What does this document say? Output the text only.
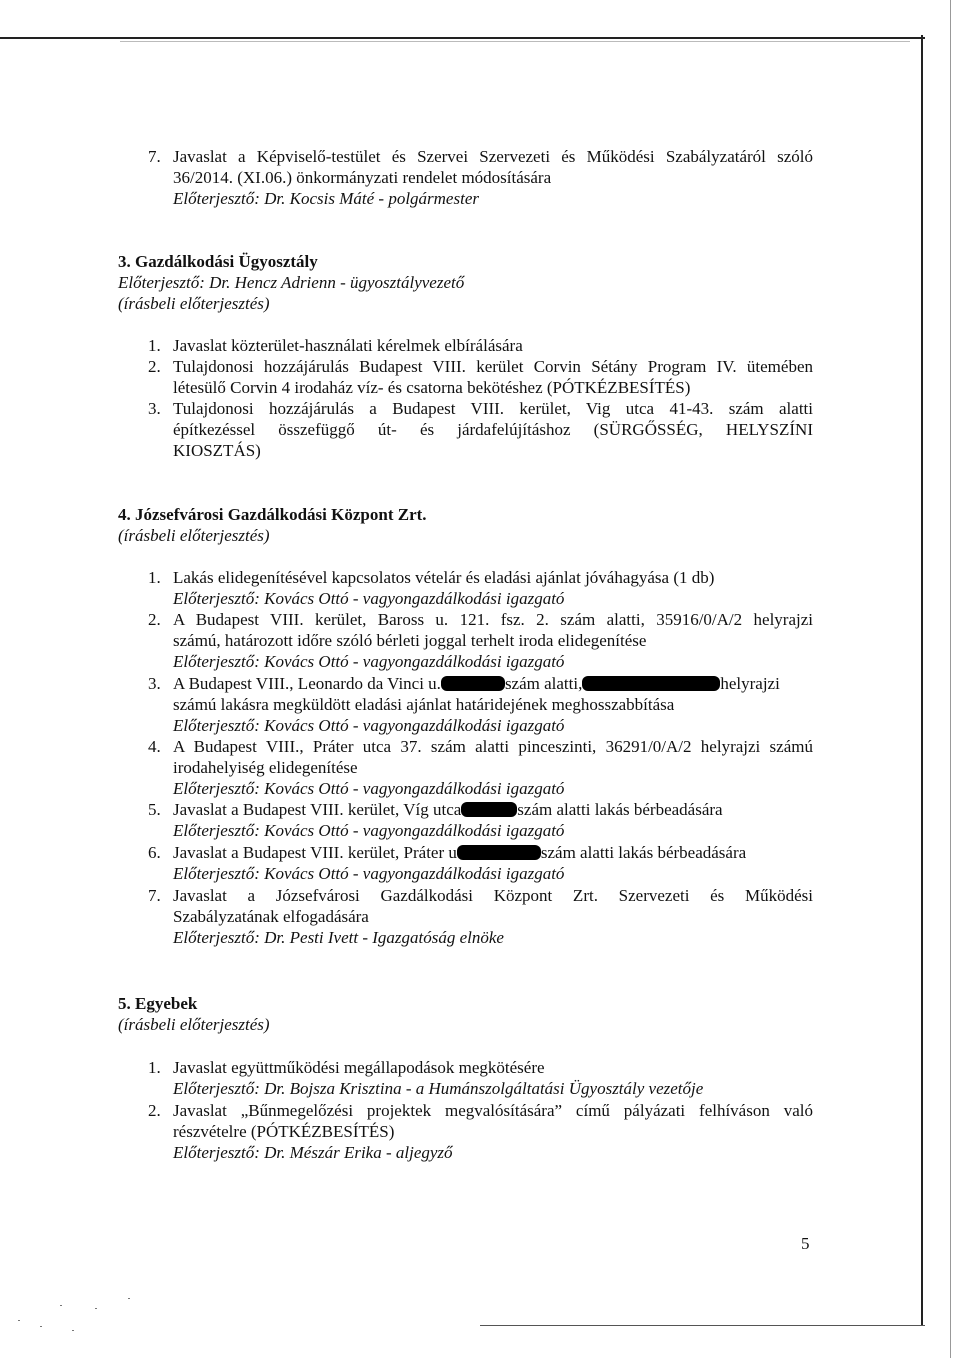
7. Javaslat a Képviselő-testület és Szervei Szervezeti és Működési Szabályzatáról szóló
36/2014. (XI.06.) önkormányzati rendelet módosítására
Előterjesztő: Dr. Kocsis Máté - polgármester
3. Gazdálkodási Ügyosztály
Előterjesztő: Dr. Hencz Adrienn - ügyosztályvezető
(írásbeli előterjesztés)
1. Javaslat közterület-használati kérelmek elbírálására
2. Tulajdonosi hozzájárulás Budapest VIII. kerület Corvin Sétány Program IV. ütemében
létesülő Corvin 4 irodaház víz- és csatorna bekötéshez (PÓTKÉZBESÍTÉS)
3. Tulajdonosi hozzájárulás a Budapest VIII. kerület, Vig utca 41-43. szám alatti
építkezéssel összefüggő út- és járdafelújításhoz (SÜRGŐSSÉG, HELYSZÍNI
KIOSZTÁS)
4. Józsefvárosi Gazdálkodási Központ Zrt.
(írásbeli előterjesztés)
1. Lakás elidegenítésével kapcsolatos vételár és eladási ajánlat jóváhagyása (1 db)
Előterjesztő: Kovács Ottó - vagyongazdálkodási igazgató
2. A Budapest VIII. kerület, Baross u. 121. fsz. 2. szám alatti, 35916/0/A/2 helyrajzi
számú, határozott időre szóló bérleti joggal terhelt iroda elidegenítése
Előterjesztő: Kovács Ottó - vagyongazdálkodási igazgató
3. A Budapest VIII., Leonardo da Vinci u.	szám alatti,	helyrajzi
számú lakásra megküldött eladási ajánlat határidejének meghosszabbítása
Előterjesztő: Kovács Ottó - vagyongazdálkodási igazgató
4. A Budapest VIII., Práter utca 37. szám alatti pinceszinti, 36291/0/A/2 helyrajzi számú
irodahelyiség elidegenítése
Előterjesztő: Kovács Ottó - vagyongazdálkodási igazgató
5. Javaslat a Budapest VIII. kerület, Víg utca	szám alatti lakás bérbeadására
Előterjesztő: Kovács Ottó - vagyongazdálkodási igazgató
6. Javaslat a Budapest VIII. kerület, Práter u	szám alatti lakás bérbeadására
Előterjesztő: Kovács Ottó - vagyongazdálkodási igazgató
7. Javaslat a Józsefvárosi Gazdálkodási Központ Zrt. Szervezeti és Működési
Szabályzatának elfogadására
Előterjesztő: Dr. Pesti Ivett - Igazgatóság elnöke
5. Egyebek
(írásbeli előterjesztés)
1. Javaslat együttműködési megállapodások megkötésére
Előterjesztő: Dr. Bojsza Krisztina - a Humánszolgáltatási Ügyosztály vezetője
2. Javaslat „Bűnmegelőzési projektek megvalósítására” című pályázati felhíváson való
részvételre (PÓTKÉZBESÍTÉS)
Előterjesztő: Dr. Mészár Erika - aljegyző
5
